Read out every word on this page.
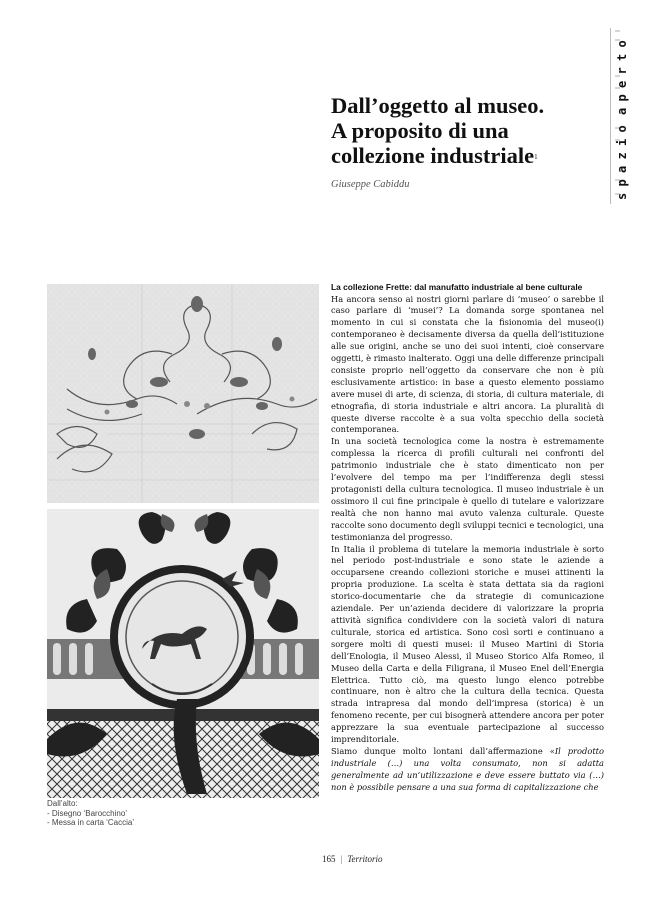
s
p
a
z
i
o
a
p
e
r
t
o
Dall’oggetto al museo.
A proposito di una
collezione industriale$^1$
Giuseppe Cabiddu
Dall’alto:
- Disegno ‘Barocchino’
- Messa in carta ‘Caccia’
La collezione Frette: dal manufatto industriale al bene culturale

Ha ancora senso ai nostri giorni parlare di ‘museo’ o sarebbe il caso parlare di ‘musei’? La domanda sorge spontanea nel momento in cui si constata che la fisionomia del museo(i) contemporaneo è decisamente diversa da quella dell’istituzione alle sue origini, anche se uno dei suoi intenti, cioè conservare oggetti, è rimasto inalterato. Oggi una delle differenze principali consiste proprio nell’oggetto da conservare che non è più esclusivamente artistico: in base a questo elemento possiamo avere musei di arte, di scienza, di storia, di cultura materiale, di etnografia, di storia industriale e altri ancora. La pluralità di queste diverse raccolte è a sua volta specchio della società contemporanea.

In una società tecnologica come la nostra è estremamente complessa la ricerca di profili culturali nei confronti del patrimonio industriale che è stato dimenticato non per l’evolvere del tempo ma per l’indifferenza degli stessi protagonisti della cultura tecnologica. Il museo industriale è un ossimoro il cui fine principale è quello di tutelare e valorizzare realtà che non hanno mai avuto valenza culturale. Queste raccolte sono documento degli sviluppi tecnici e tecnologici, una testimonianza del progresso.

In Italia il problema di tutelare la memoria industriale è sorto nel periodo post-industriale e sono state le aziende a occuparsene creando collezioni storiche e musei attinenti la propria produzione. La scelta è stata dettata sia da ragioni storico-documentarie che da strategie di comunicazione aziendale. Per un’azienda decidere di valorizzare la propria attività significa condividere con la società valori di natura culturale, storica ed artistica. Sono così sorti e continuano a sorgere molti di questi musei: il Museo Martini di Storia dell’Enologia, il Museo Alessi, il Museo Storico Alfa Romeo, il Museo della Carta e della Filigrana, il Museo Enel dell’Energia Elettrica. Tutto ciò, ma questo lungo elenco potrebbe continuare, non è altro che la cultura della tecnica. Questa strada intrapresa dal mondo dell’impresa (storica) è un fenomeno recente, per cui bisognerà attendere ancora per poter apprezzare la sua eventuale partecipazione al successo imprenditoriale.

Siamo dunque molto lontani dall’affermazione «Il prodotto industriale (…) una volta consumato, non si adatta generalmente ad un’utilizzazione e deve essere buttato via (…) non è possibile pensare a una sua forma di capitalizzazione che

165 | Territorio
